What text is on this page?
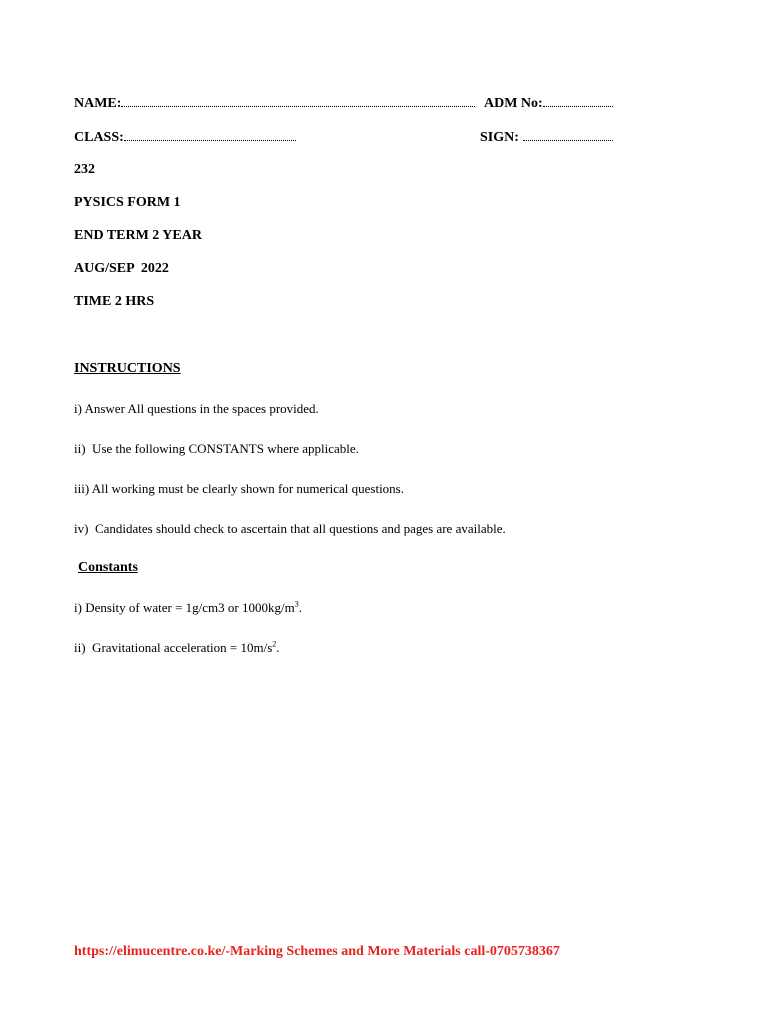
NAME:	ADM No:
CLASS:	SIGN:
232
PYSICS FORM 1
END TERM 2 YEAR
AUG/SEP  2022
TIME 2 HRS
INSTRUCTIONS
i) Answer All questions in the spaces provided.
ii)  Use the following CONSTANTS where applicable.
iii) All working must be clearly shown for numerical questions.
iv)  Candidates should check to ascertain that all questions and pages are available.
Constants
i) Density of water = 1g/cm3 or $1000kg/m^3$.
ii)  Gravitational acceleration = $10m/s^2$.
https://elimucentre.co.ke/-Marking Schemes and More Materials call-0705738367
